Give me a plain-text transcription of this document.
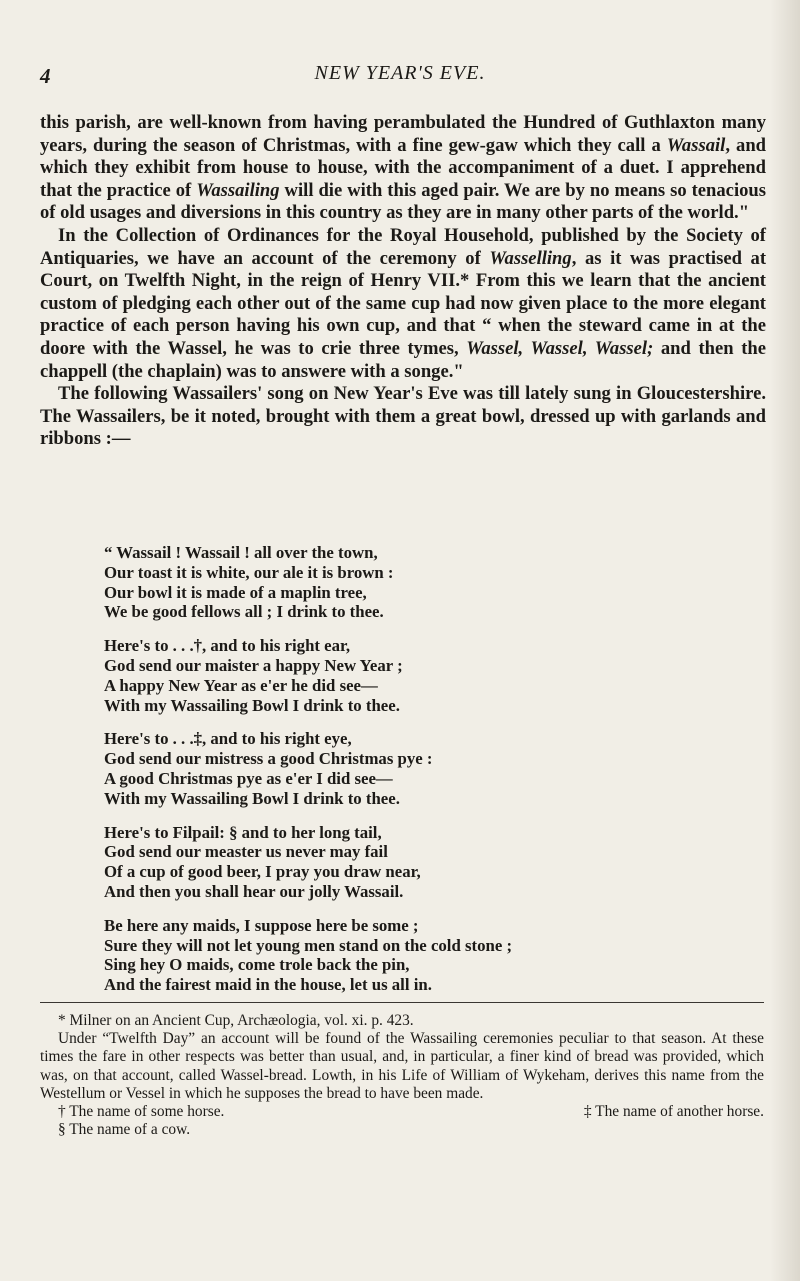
4	NEW YEAR'S EVE.

this parish, are well-known from having perambulated the Hundred of Guthlaxton many years, during the season of Christmas, with a fine gew-gaw which they call a Wassail, and which they exhibit from house to house, with the accompaniment of a duet. I apprehend that the practice of Wassailing will die with this aged pair. We are by no means so tenacious of old usages and diversions in this country as they are in many other parts of the world."

In the Collection of Ordinances for the Royal Household, published by the Society of Antiquaries, we have an account of the ceremony of Wasselling, as it was practised at Court, on Twelfth Night, in the reign of Henry VII.* From this we learn that the ancient custom of pledging each other out of the same cup had now given place to the more elegant practice of each person having his own cup, and that “ when the steward came in at the doore with the Wassel, he was to crie three tymes, Wassel, Wassel, Wassel; and then the chappell (the chaplain) was to answere with a songe."

The following Wassailers' song on New Year's Eve was till lately sung in Gloucestershire. The Wassailers, be it noted, brought with them a great bowl, dressed up with garlands and ribbons :—

“ Wassail ! Wassail ! all over the town,
Our toast it is white, our ale it is brown :
Our bowl it is made of a maplin tree,
We be good fellows all ; I drink to thee.
Here's to . . .†, and to his right ear,
God send our maister a happy New Year ;
A happy New Year as e'er he did see—
With my Wassailing Bowl I drink to thee.
Here's to . . .‡, and to his right eye,
God send our mistress a good Christmas pye :
A good Christmas pye as e'er I did see—
With my Wassailing Bowl I drink to thee.
Here's to Filpail: § and to her long tail,
God send our measter us never may fail
Of a cup of good beer, I pray you draw near,
And then you shall hear our jolly Wassail.
Be here any maids, I suppose here be some ;
Sure they will not let young men stand on the cold stone ;
Sing hey O maids, come trole back the pin,
And the fairest maid in the house, let us all in.

* Milner on an Ancient Cup, Archæologia, vol. xi. p. 423.

Under “Twelfth Day” an account will be found of the Wassailing ceremonies peculiar to that season. At these times the fare in other respects was better than usual, and, in particular, a finer kind of bread was provided, which was, on that account, called Wassel-bread. Lowth, in his Life of William of Wykeham, derives this name from the Westellum or Vessel in which he supposes the bread to have been made.

† The name of some horse.	‡ The name of another horse.

§ The name of a cow.
